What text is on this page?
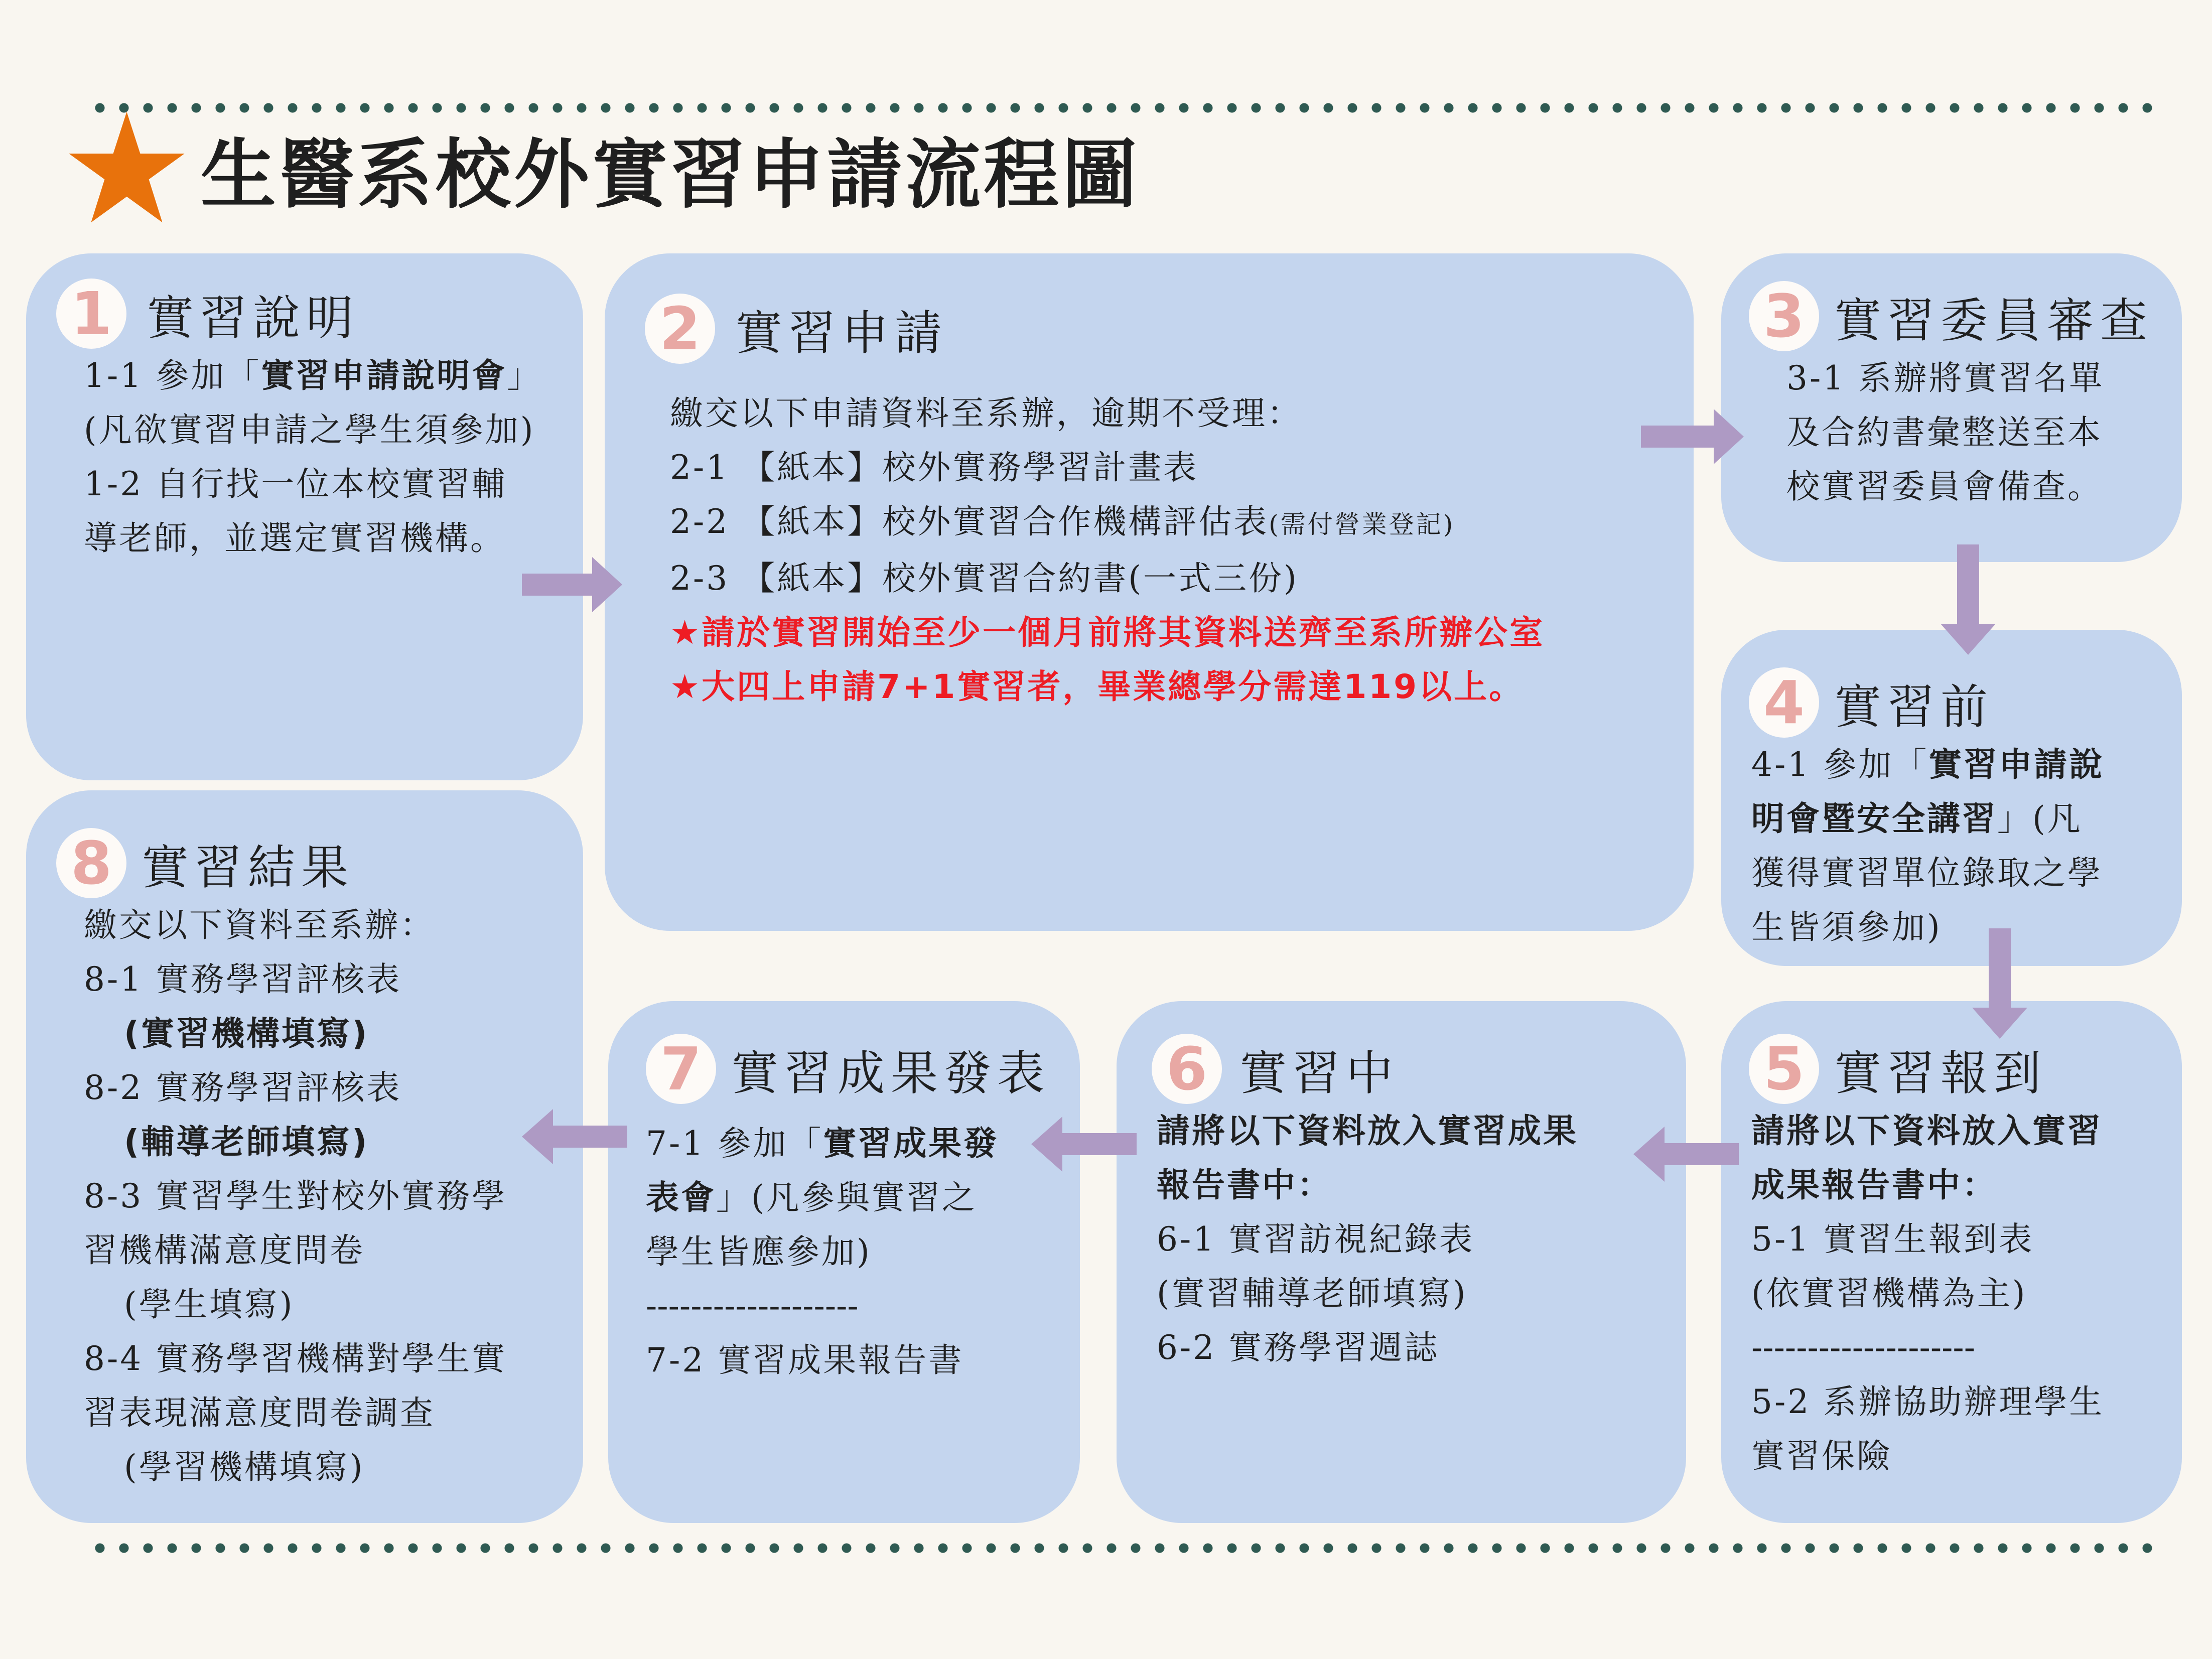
生醫系校外實習申請流程圖
1 實習說明

1-1 參加「實習申請說明會」

(凡欲實習申請之學生須參加)

1-2 自行找一位本校實習輔

導老師，並選定實習機構。

2 實習申請

繳交以下申請資料至系辦，逾期不受理：

2-1 【紙本】校外實務學習計畫表

2-2 【紙本】校外實習合作機構評估表(需付營業登記)

2-3 【紙本】校外實習合約書(一式三份)

★請於實習開始至少一個月前將其資料送齊至系所辦公室

★大四上申請7+1實習者，畢業總學分需達119以上。

3 實習委員審查

3-1 系辦將實習名單

及合約書彙整送至本

校實習委員會備查。

4 實習前

4-1 參加「實習申請說

明會暨安全講習」(凡

獲得實習單位錄取之學

生皆須參加)

5 實習報到

請將以下資料放入實習

成果報告書中：

5-1 實習生報到表

(依實習機構為主)

--------------------

5-2 系辦協助辦理學生

實習保險

6 實習中

請將以下資料放入實習成果

報告書中：

6-1 實習訪視紀錄表

(實習輔導老師填寫)

6-2 實務學習週誌

7 實習成果發表

7-1 參加「實習成果發

表會」(凡參與實習之

學生皆應參加)

-------------------

7-2 實習成果報告書

8 實習結果

繳交以下資料至系辦：

8-1 實務學習評核表

(實習機構填寫)

8-2 實務學習評核表

(輔導老師填寫)

8-3 實習學生對校外實務學

習機構滿意度問卷

(學生填寫)

8-4 實務學習機構對學生實

習表現滿意度問卷調查

(學習機構填寫)
